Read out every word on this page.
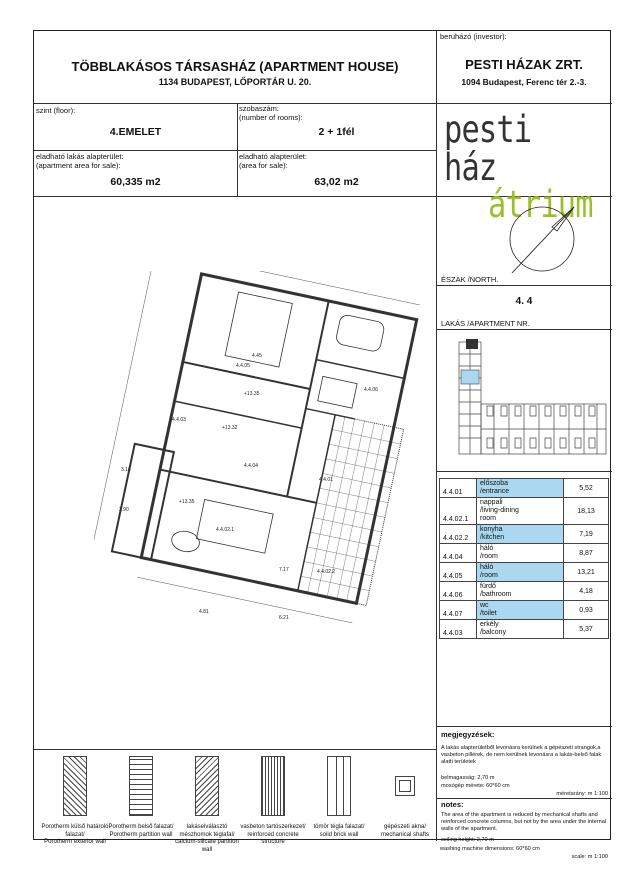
TÖBBLAKÁSOS TÁRSASHÁZ (APARTMENT HOUSE)
1134 BUDAPEST, LŐPORTÁR U. 20.
beruházó (investor):
PESTI HÁZAK ZRT.
1094 Budapest, Ferenc tér 2.-3.
szint (floor):
4.EMELET
szobaszám:
(number of rooms):
2 + 1fél
eladható lakás alapterület:
(apartment area for sale):
60,335 m2
eladható alapterület:
(area for sale):
63,02 m2
pesti ház
átrium
ÉSZAK /NORTH.
4. 4
LAKÁS /APARTMENT NR.
4.4.05
4.4.04
4.4.01
4.4.02.1
4.4.02.2
4.4.06
4.4.03
+13.35
+13.32
+13.35
4.45
3.16
2.90
4.81
7.17
6.21
4.4.01	előszoba
/entrance	5,52
4.4.02.1	nappali
/living-dining
room	18,13
4.4.02.2	konyha
/kitchen	7,19
4.4.04	háló
/room	8,87
4.4.05	háló
/room	13,21
4.4.06	fürdő
/bathroom	4,18
4.4.07	wc
/toilet	0,93
4.4.03	erkély
/balcony	5,37
megjegyzések:
A lakás alapterületből levonásra kerülnek a gépészeti strangok,a vasbeton pillérek, de nem kerülnek levonásra a lakás-belső falak alatti területek
belmagasság: 2,70 m
mosógép mérete: 60*60 cm
méretarány: m 1:100
notes:
The area of the apartment is reduced by mechanical shafts and reinforced concrete columns, but not by the area under the internal walls of the apartment.
ceiling height: 2,70 m
Porotherm külső határoló falazat/
Porotherm exterior wall
Porotherm belső falazat/
Porotherm partition wall
lakáselválasztó mészhomok téglafal/
calcium-silicate partition wall
vasbeton tartószerkezet/
reinforced concrete structure
tömör tégla falazat/
solid brick wall
gépészeti akna/
mechanical shafts
washing machine dimensions: 60*60 cm
scale: m 1:100
